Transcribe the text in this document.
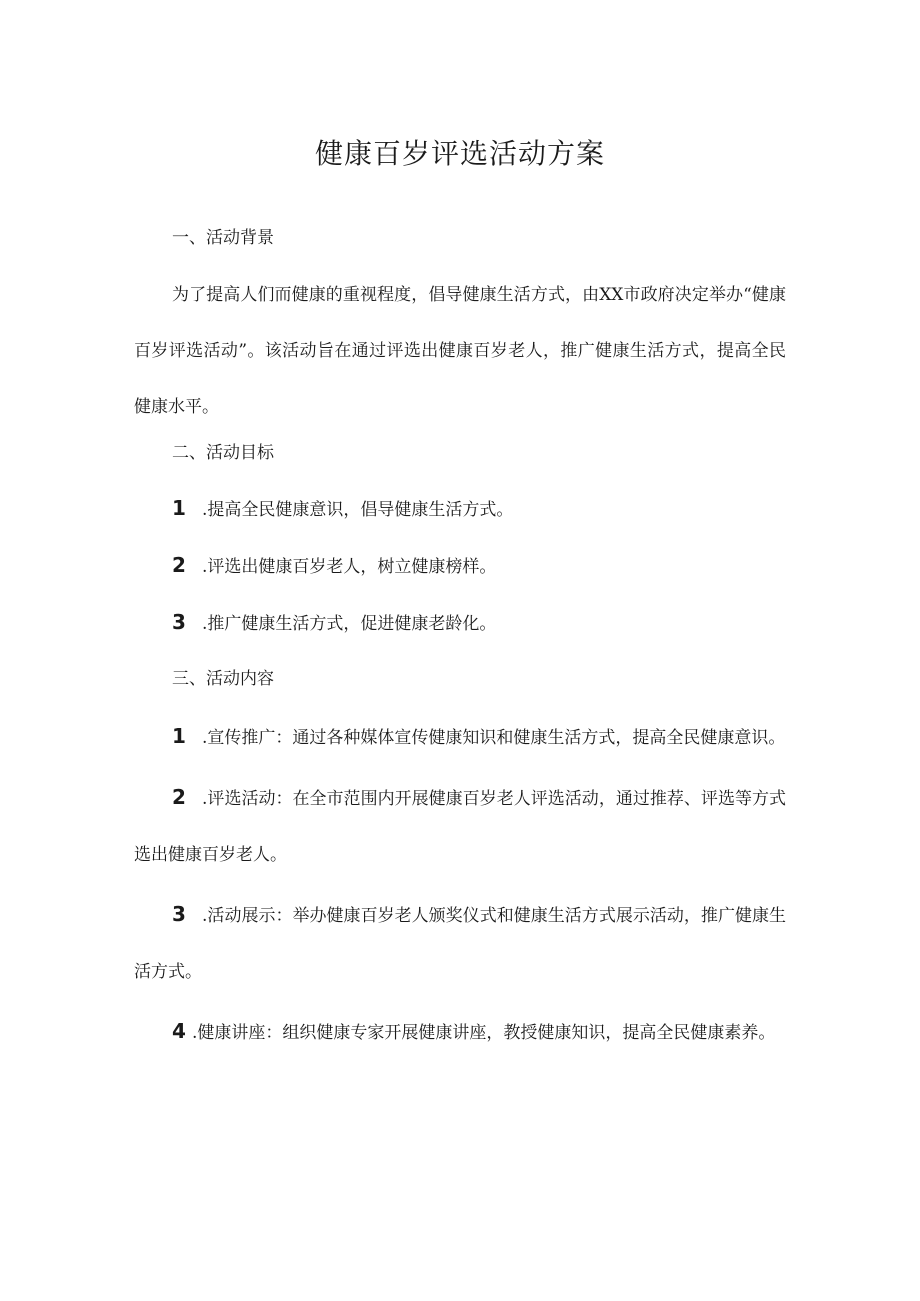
健康百岁评选活动方案
一、活动背景

为了提高人们而健康的重视程度，倡导健康生活方式，由XX市政府决定举办“健康百岁评选活动”。该活动旨在通过评选出健康百岁老人，推广健康生活方式，提高全民健康水平。

二、活动目标
1 .提高全民健康意识，倡导健康生活方式。
2 .评选出健康百岁老人，树立健康榜样。
3 .推广健康生活方式，促进健康老龄化。
三、活动内容

1 .宣传推广：通过各种媒体宣传健康知识和健康生活方式，提高全民健康意识。

2 .评选活动：在全市范围内开展健康百岁老人评选活动，通过推荐、评选等方式选出健康百岁老人。

3 .活动展示：举办健康百岁老人颁奖仪式和健康生活方式展示活动，推广健康生活方式。

4 .健康讲座：组织健康专家开展健康讲座，教授健康知识，提高全民健康素养。
